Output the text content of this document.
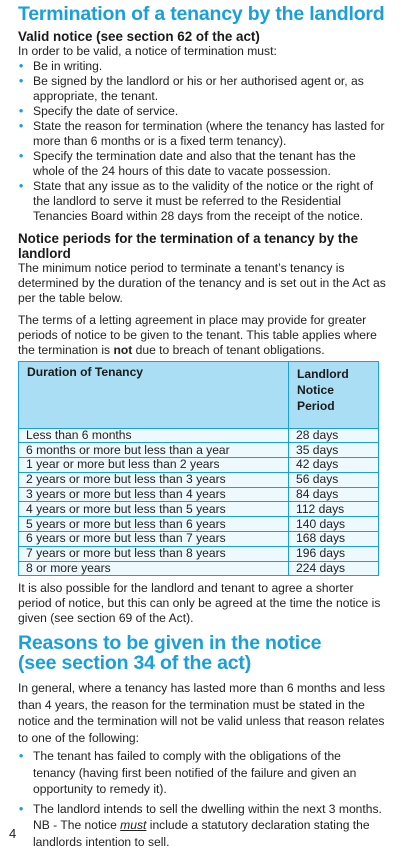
Termination of a tenancy by the landlord
Valid notice (see section 62 of the act)
In order to be valid, a notice of termination must:
• Be in writing.
• Be signed by the landlord or his or her authorised agent or, as appropriate, the tenant.
• Specify the date of service.
• State the reason for termination (where the tenancy has lasted for more than 6 months or is a fixed term tenancy).
• Specify the termination date and also that the tenant has the whole of the 24 hours of this date to vacate possession.
• State that any issue as to the validity of the notice or the right of the landlord to serve it must be referred to the Residential Tenancies Board within 28 days from the receipt of the notice.
Notice periods for the termination of a tenancy by the landlord
The minimum notice period to terminate a tenant’s tenancy is determined by the duration of the tenancy and is set out in the Act as per the table below.
The terms of a letting agreement in place may provide for greater periods of notice to be given to the tenant. This table applies where the termination is not due to breach of tenant obligations.
Duration of Tenancy	Landlord
Notice Period

Less than 6 months	28 days
6 months or more but less than a year	35 days
1 year or more but less than 2 years	42 days
2 years or more but less than 3 years	56 days
3 years or more but less than 4 years	84 days
4 years or more but less than 5 years	112 days
5 years or more but less than 6 years	140 days
6 years or more but less than 7 years	168 days
7 years or more but less than 8 years	196 days
8 or more years	224 days
It is also possible for the landlord and tenant to agree a shorter period of notice, but this can only be agreed at the time the notice is given (see section 69 of the Act).
Reasons to be given in the notice
(see section 34 of the act)
In general, where a tenancy has lasted more than 6 months and less than 4 years, the reason for the termination must be stated in the notice and the termination will not be valid unless that reason relates to one of the following:
• The tenant has failed to comply with the obligations of the tenancy (having first been notified of the failure and given an opportunity to remedy it).
• The landlord intends to sell the dwelling within the next 3 months.
NB - The notice must include a statutory declaration stating the landlords intention to sell.
4
